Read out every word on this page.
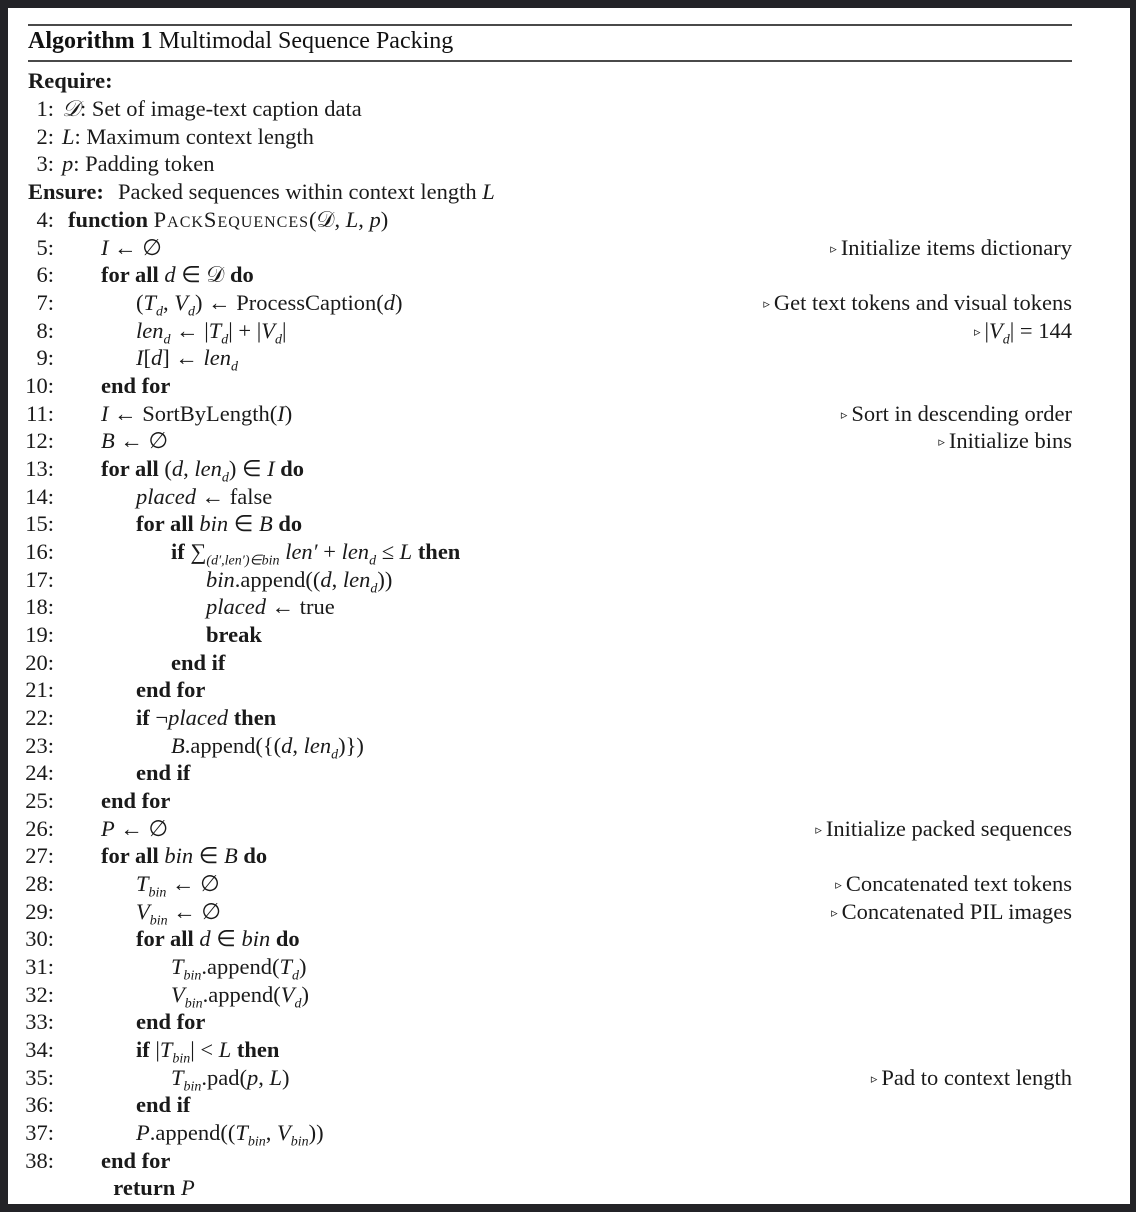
Algorithm 1 Multimodal Sequence Packing
Require:
1: 𝒟: Set of image-text caption data
2: L: Maximum context length
3: p: Padding token
Ensure: Packed sequences within context length L
4: function PackSequences(𝒟, L, p)
5: I ← ∅	▹ Initialize items dictionary
6: for all d ∈ 𝒟 do
7:	($T_d$, $V_d$) ← ProcessCaption(d)	▹ Get text tokens and visual tokens
8:	len$_d$ ← $|T_d| + |V_d|$	▹ $|V_d| = 144$
9:	I[d] ← len$_d$
10: end for
11: I ← SortByLength(I)	▹ Sort in descending order
12: B ← ∅	▹ Initialize bins
13: for all (d, len$_d$) ∈ I do
14:	placed ← false
15:	for all bin ∈ B do
16:	if $\sum_{(d',len')\in bin}$ len′ + len$_d$ ≤ L then
17:	bin.append((d, len$_d$))
18:	placed ← true
19:	break
20:	end if
21:	end for
22:	if ¬placed then
23:	B.append({(d, len$_d$)})
24:	end if
25: end for
26: P ← ∅	▹ Initialize packed sequences
27: for all bin ∈ B do
28:	$T_{bin}$ ← ∅	▹ Concatenated text tokens
29:	$V_{bin}$ ← ∅	▹ Concatenated PIL images
30:	for all d ∈ bin do
31:	$T_{bin}.append(T_d)$
32:	$V_{bin}.append(V_d)$
33:	end for
34:	if $|T_{bin}| < L$ then
35:	$T_{bin}.pad(p$, L)	▹ Pad to context length
36:	end if
37:	$P.append((T_{bin}$, $V_{bin}$))
38: end for
return P
